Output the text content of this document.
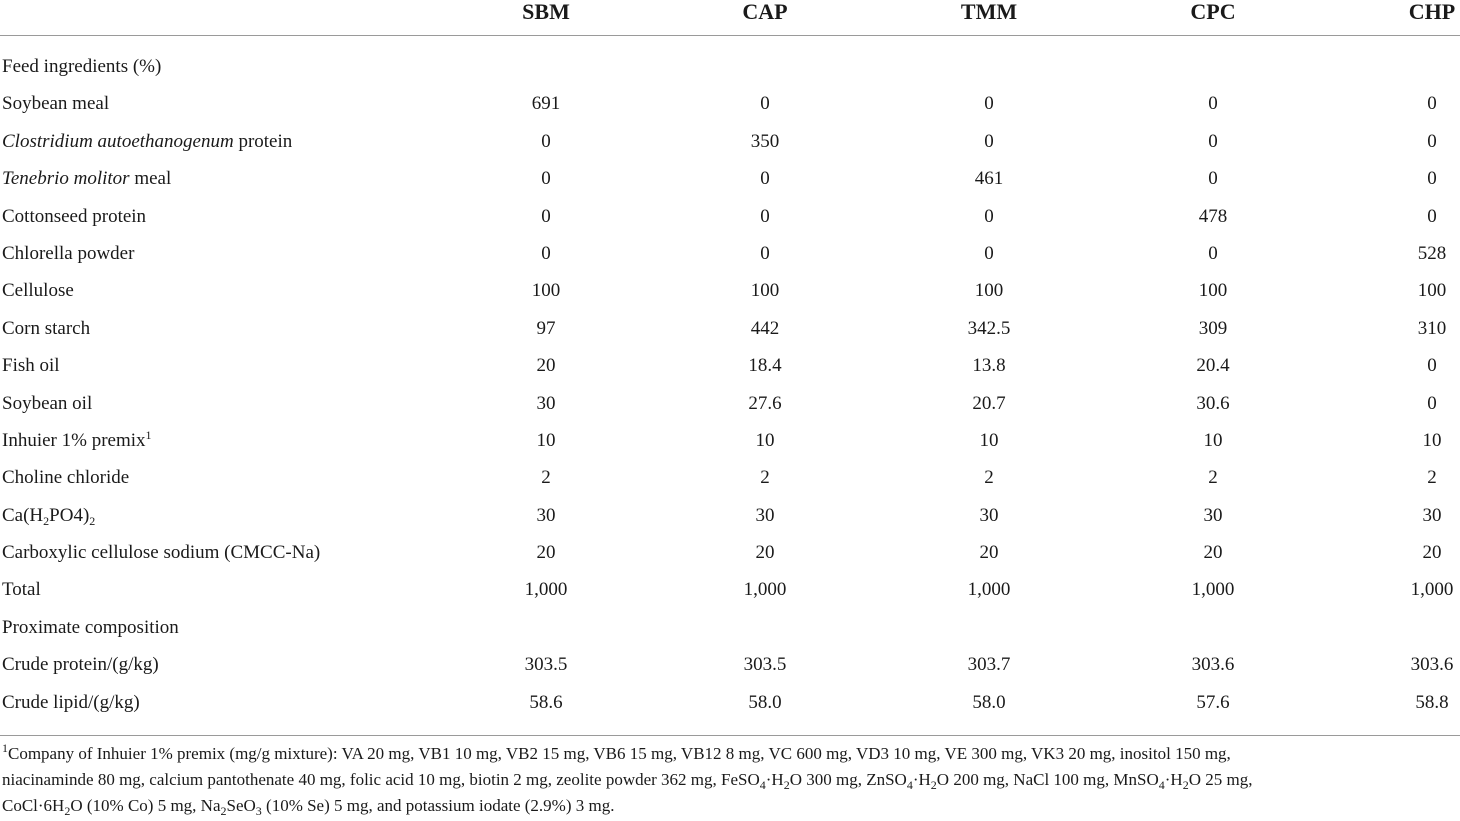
SBM	CAP	TMM	CPC	CHP
Feed ingredients (%)
Soybean meal	691	0	0	0	0
Clostridium autoethanogenum protein	0	350	0	0	0
Tenebrio molitor meal	0	0	461	0	0
Cottonseed protein	0	0	0	478	0
Chlorella powder	0	0	0	0	528
Cellulose	100	100	100	100	100
Corn starch	97	442	342.5	309	310
Fish oil	20	18.4	13.8	20.4	0
Soybean oil	30	27.6	20.7	30.6	0
Inhuier 1% premix$^1$	10	10	10	10	10
Choline chloride	2	2	2	2	2
$Ca(H_2PO4)_2$	30	30	30	30	30
Carboxylic cellulose sodium (CMCC-Na)	20	20	20	20	20
Total	1,000	1,000	1,000	1,000	1,000
Proximate composition
Crude protein/(g/kg)	303.5	303.5	303.7	303.6	303.6
Crude lipid/(g/kg)	58.6	58.0	58.0	57.6	58.8
$^1$Company of Inhuier 1% premix (mg/g mixture): VA 20 mg, VB1 10 mg, VB2 15 mg, VB6 15 mg, VB12 8 mg, VC 600 mg, VD3 10 mg, VE 300 mg, VK3 20 mg, inositol 150 mg,
niacinaminde 80 mg, calcium pantothenate 40 mg, folic acid 10 mg, biotin 2 mg, zeolite powder 362 mg, $FeSO_4\cdot H_2O$ 300 mg, $ZnSO_4\cdot H_2O$ 200 mg, NaCl 100 mg, $MnSO_4\cdot H_2O$ 25 mg,
$CoCl\cdot 6H_2O$ (10% Co) 5 mg, $Na_2SeO_3$ (10% Se) 5 mg, and potassium iodate (2.9%) 3 mg.
